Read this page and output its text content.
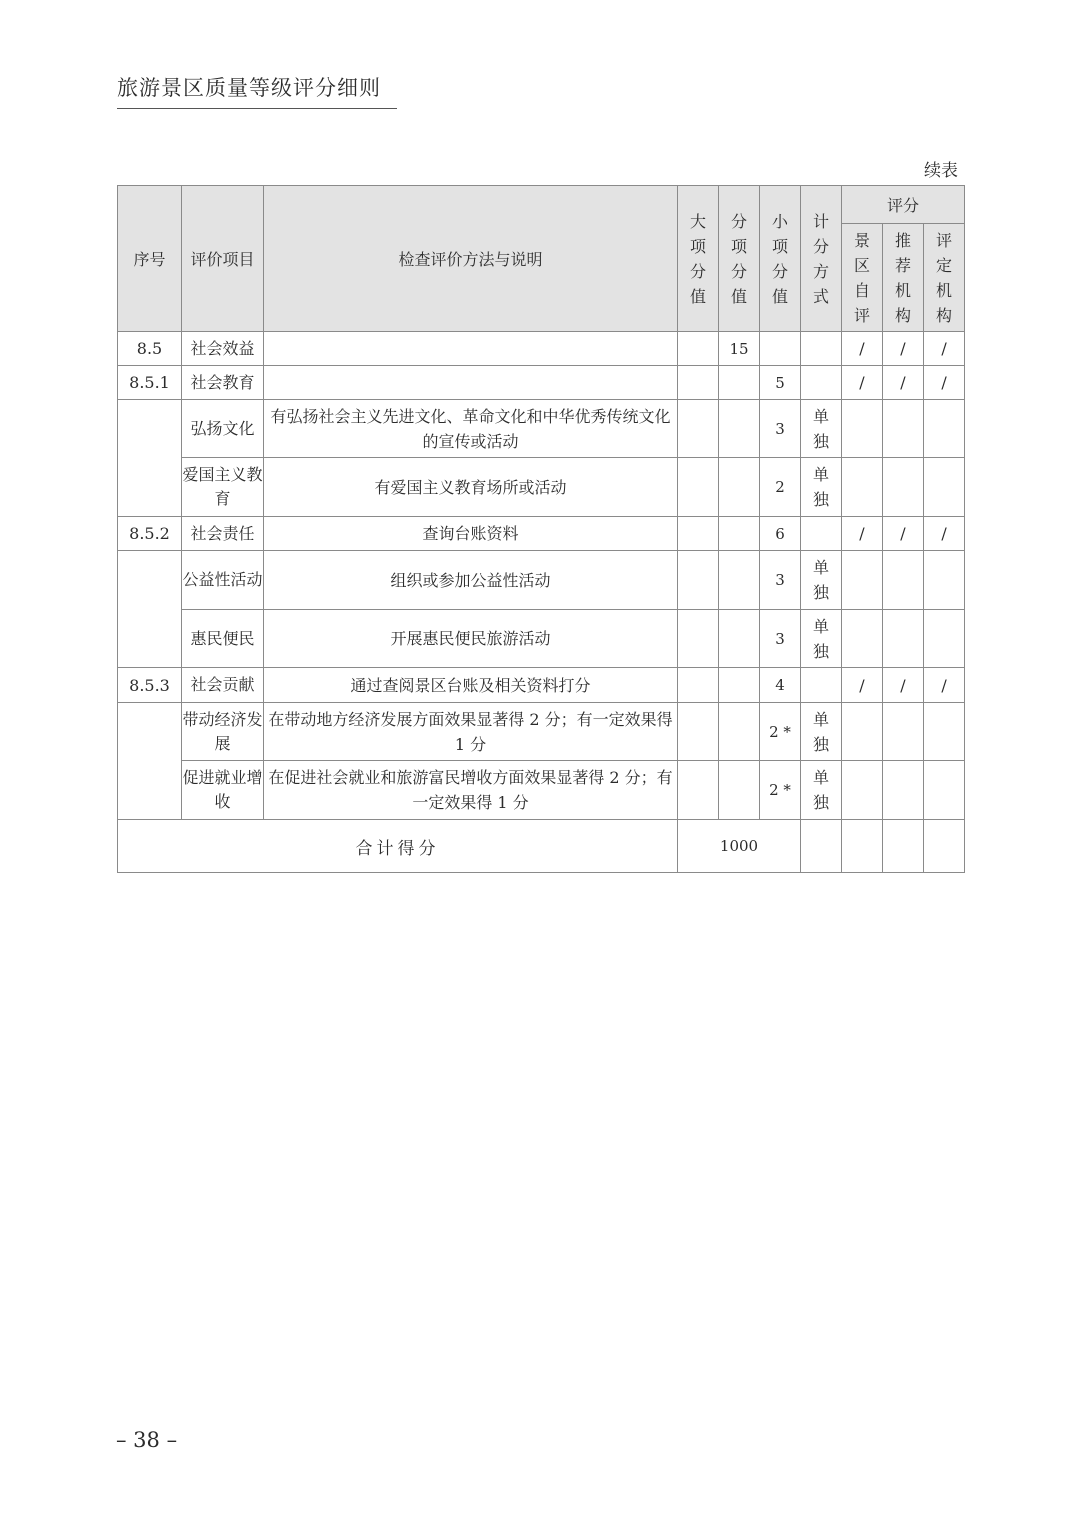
旅游景区质量等级评分细则
续表
序号	评价项目	检查评价方法与说明	大项分值	分项分值	小项分值	计分方式	评分		

							景区自评	推荐机构	评定机构

8.5	社会效益			15			/	/	/
8.5.1	社会教育				5		/	/	/
	弘扬文化	有弘扬社会主义先进文化、革命文化和中华优秀传统文化的宣传或活动			3	单独			

	爱国主义教育	有爱国主义教育场所或活动			2	单独			

8.5.2	社会责任	查询台账资料			6		/	/	/
	公益性活动	组织或参加公益性活动			3	单独			

	惠民便民	开展惠民便民旅游活动			3	单独			

8.5.3	社会贡献	通过查阅景区台账及相关资料打分			4		/	/	/
	带动经济发展	在带动地方经济发展方面效果显著得 2 分；有一定效果得 1 分			2 *	单独			

	促进就业增收	在促进社会就业和旅游富民增收方面效果显著得 2 分；有一定效果得 1 分			2 *	单独			

合计得分			1000						
– 38 –
